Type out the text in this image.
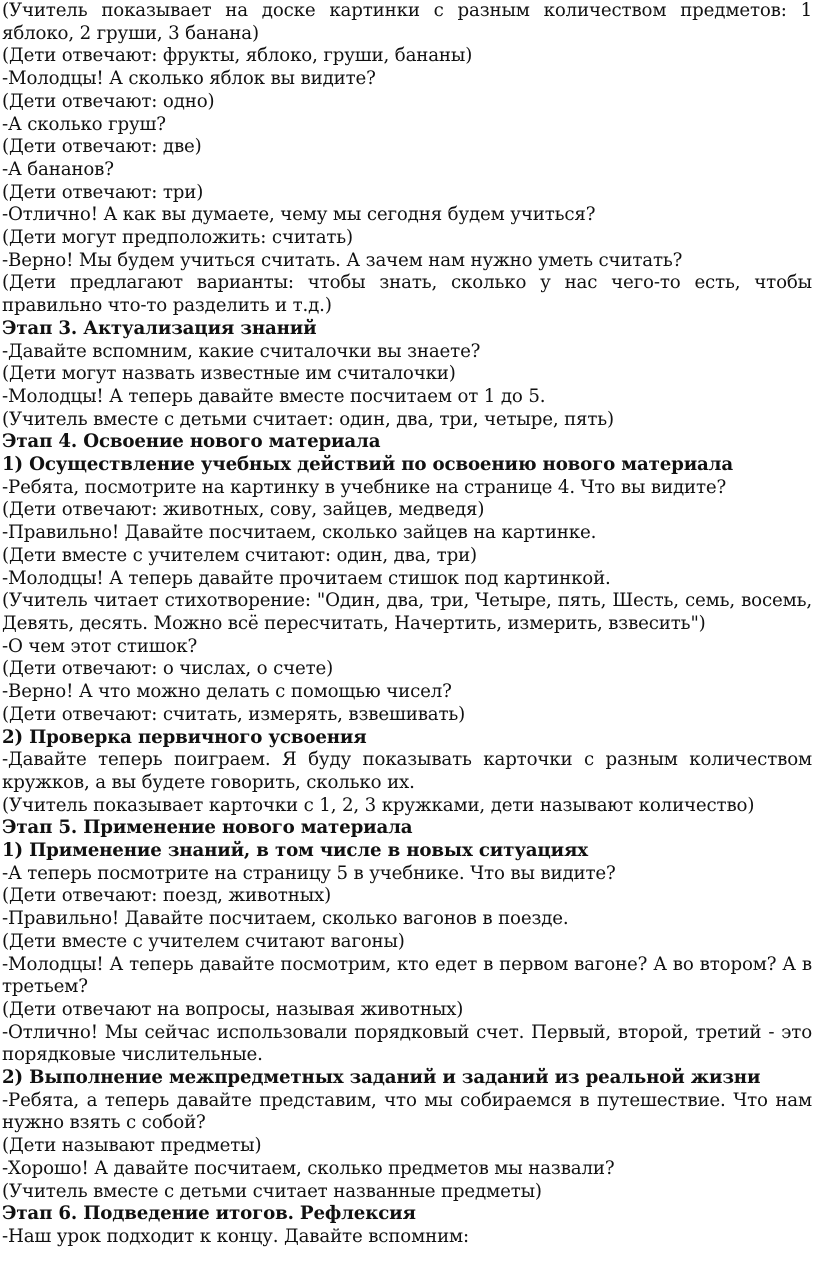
(Учитель показывает на доске картинки с разным количеством предметов: 1 яблоко, 2 груши, 3 банана)
(Дети отвечают: фрукты, яблоко, груши, бананы)
-Молодцы! А сколько яблок вы видите?
(Дети отвечают: одно)
-А сколько груш?
(Дети отвечают: две)
-А бананов?
(Дети отвечают: три)
-Отлично! А как вы думаете, чему мы сегодня будем учиться?
(Дети могут предположить: считать)
-Верно! Мы будем учиться считать. А зачем нам нужно уметь считать?
(Дети предлагают варианты: чтобы знать, сколько у нас чего-то есть, чтобы правильно что-то разделить и т.д.)
Этап 3. Актуализация знаний
-Давайте вспомним, какие считалочки вы знаете?
(Дети могут назвать известные им считалочки)
-Молодцы! А теперь давайте вместе посчитаем от 1 до 5.
(Учитель вместе с детьми считает: один, два, три, четыре, пять)
Этап 4. Освоение нового материала
1) Осуществление учебных действий по освоению нового материала
-Ребята, посмотрите на картинку в учебнике на странице 4. Что вы видите?
(Дети отвечают: животных, сову, зайцев, медведя)
-Правильно! Давайте посчитаем, сколько зайцев на картинке.
(Дети вместе с учителем считают: один, два, три)
-Молодцы! А теперь давайте прочитаем стишок под картинкой.
(Учитель читает стихотворение: "Один, два, три, Четыре, пять, Шесть, семь, восемь, Девять, десять. Можно всё пересчитать, Начертить, измерить, взвесить")
-О чем этот стишок?
(Дети отвечают: о числах, о счете)
-Верно! А что можно делать с помощью чисел?
(Дети отвечают: считать, измерять, взвешивать)
2) Проверка первичного усвоения
-Давайте теперь поиграем. Я буду показывать карточки с разным количеством кружков, а вы будете говорить, сколько их.
(Учитель показывает карточки с 1, 2, 3 кружками, дети называют количество)
Этап 5. Применение нового материала
1) Применение знаний, в том числе в новых ситуациях
-А теперь посмотрите на страницу 5 в учебнике. Что вы видите?
(Дети отвечают: поезд, животных)
-Правильно! Давайте посчитаем, сколько вагонов в поезде.
(Дети вместе с учителем считают вагоны)
-Молодцы! А теперь давайте посмотрим, кто едет в первом вагоне? А во втором? А в третьем?
(Дети отвечают на вопросы, называя животных)
-Отлично! Мы сейчас использовали порядковый счет. Первый, второй, третий - это порядковые числительные.
2) Выполнение межпредметных заданий и заданий из реальной жизни
-Ребята, а теперь давайте представим, что мы собираемся в путешествие. Что нам нужно взять с собой?
(Дети называют предметы)
-Хорошо! А давайте посчитаем, сколько предметов мы назвали?
(Учитель вместе с детьми считает названные предметы)
Этап 6. Подведение итогов. Рефлексия
-Наш урок подходит к концу. Давайте вспомним:
